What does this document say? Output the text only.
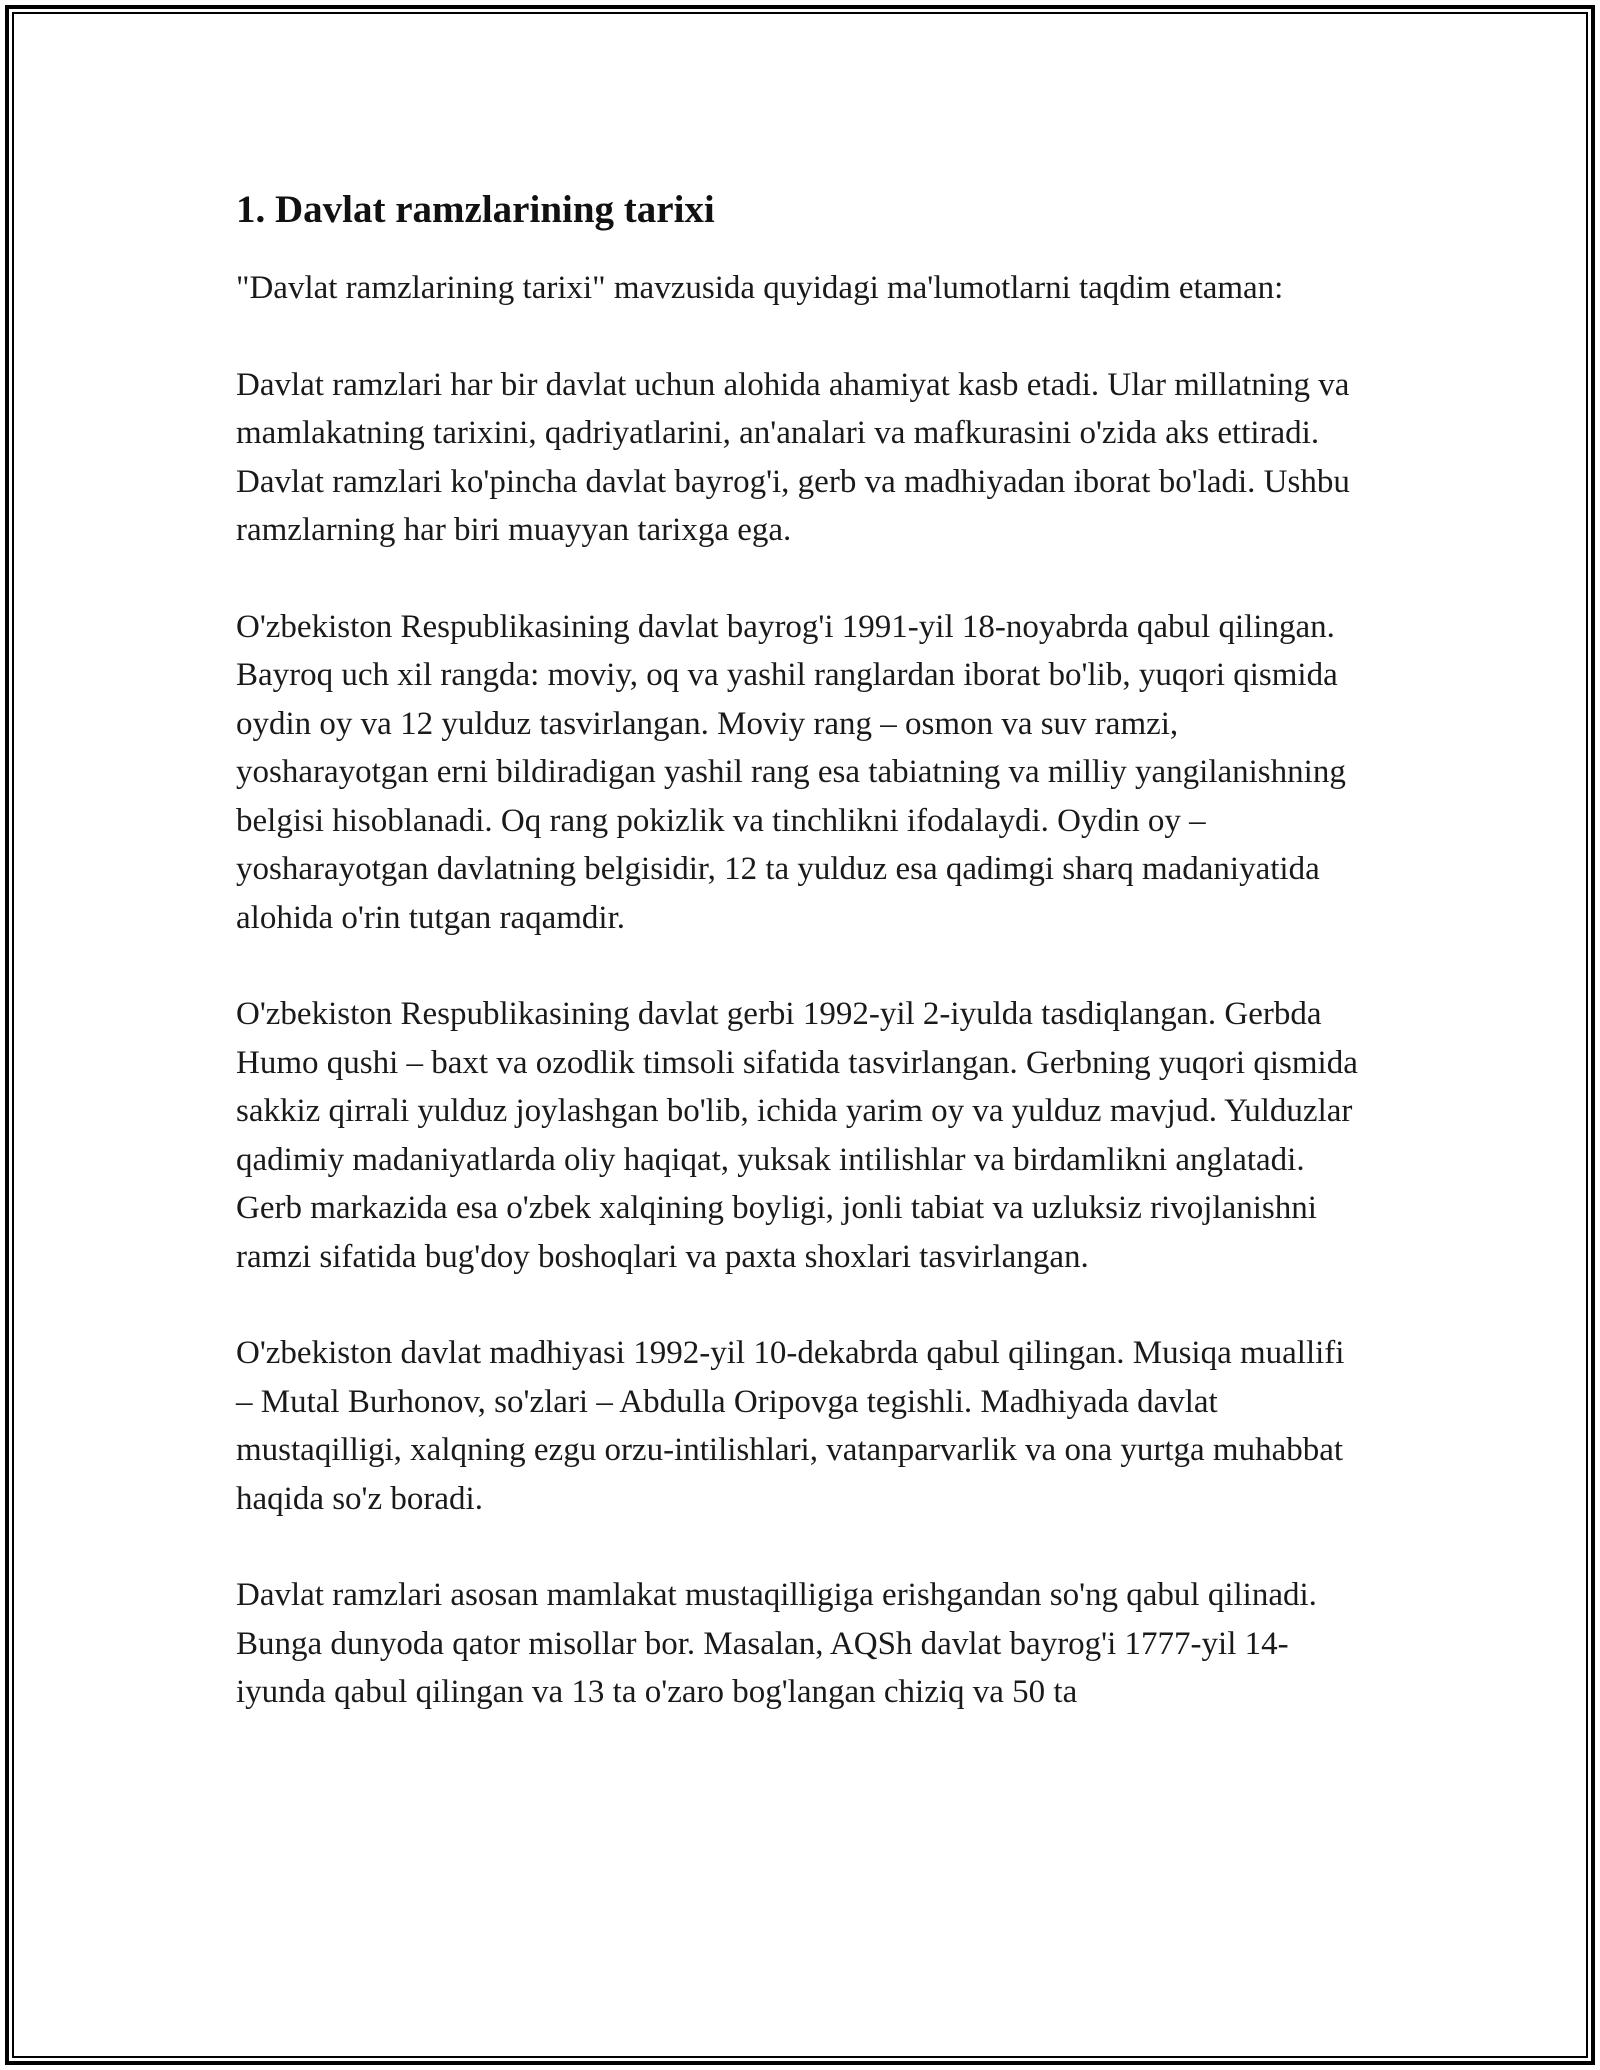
1. Davlat ramzlarining tarixi

"Davlat ramzlarining tarixi" mavzusida quyidagi ma'lumotlarni taqdim etaman:

Davlat ramzlari har bir davlat uchun alohida ahamiyat kasb etadi. Ular millatning va mamlakatning tarixini, qadriyatlarini, an'analari va mafkurasini o'zida aks ettiradi. Davlat ramzlari ko'pincha davlat bayrog'i, gerb va madhiyadan iborat bo'ladi. Ushbu ramzlarning har biri muayyan tarixga ega.

O'zbekiston Respublikasining davlat bayrog'i 1991-yil 18-noyabrda qabul qilingan. Bayroq uch xil rangda: moviy, oq va yashil ranglardan iborat bo'lib, yuqori qismida oydin oy va 12 yulduz tasvirlangan. Moviy rang – osmon va suv ramzi, yosharayotgan erni bildiradigan yashil rang esa tabiatning va milliy yangilanishning belgisi hisoblanadi. Oq rang pokizlik va tinchlikni ifodalaydi. Oydin oy – yosharayotgan davlatning belgisidir, 12 ta yulduz esa qadimgi sharq madaniyatida alohida o'rin tutgan raqamdir.

O'zbekiston Respublikasining davlat gerbi 1992-yil 2-iyulda tasdiqlangan. Gerbda Humo qushi – baxt va ozodlik timsoli sifatida tasvirlangan. Gerbning yuqori qismida sakkiz qirrali yulduz joylashgan bo'lib, ichida yarim oy va yulduz mavjud. Yulduzlar qadimiy madaniyatlarda oliy haqiqat, yuksak intilishlar va birdamlikni anglatadi. Gerb markazida esa o'zbek xalqining boyligi, jonli tabiat va uzluksiz rivojlanishni ramzi sifatida bug'doy boshoqlari va paxta shoxlari tasvirlangan.

O'zbekiston davlat madhiyasi 1992-yil 10-dekabrda qabul qilingan. Musiqa muallifi – Mutal Burhonov, so'zlari – Abdulla Oripovga tegishli. Madhiyada davlat mustaqilligi, xalqning ezgu orzu-intilishlari, vatanparvarlik va ona yurtga muhabbat haqida so'z boradi.

Davlat ramzlari asosan mamlakat mustaqilligiga erishgandan so'ng qabul qilinadi. Bunga dunyoda qator misollar bor. Masalan, AQSh davlat bayrog'i 1777-yil 14-iyunda qabul qilingan va 13 ta o'zaro bog'langan chiziq va 50 ta
